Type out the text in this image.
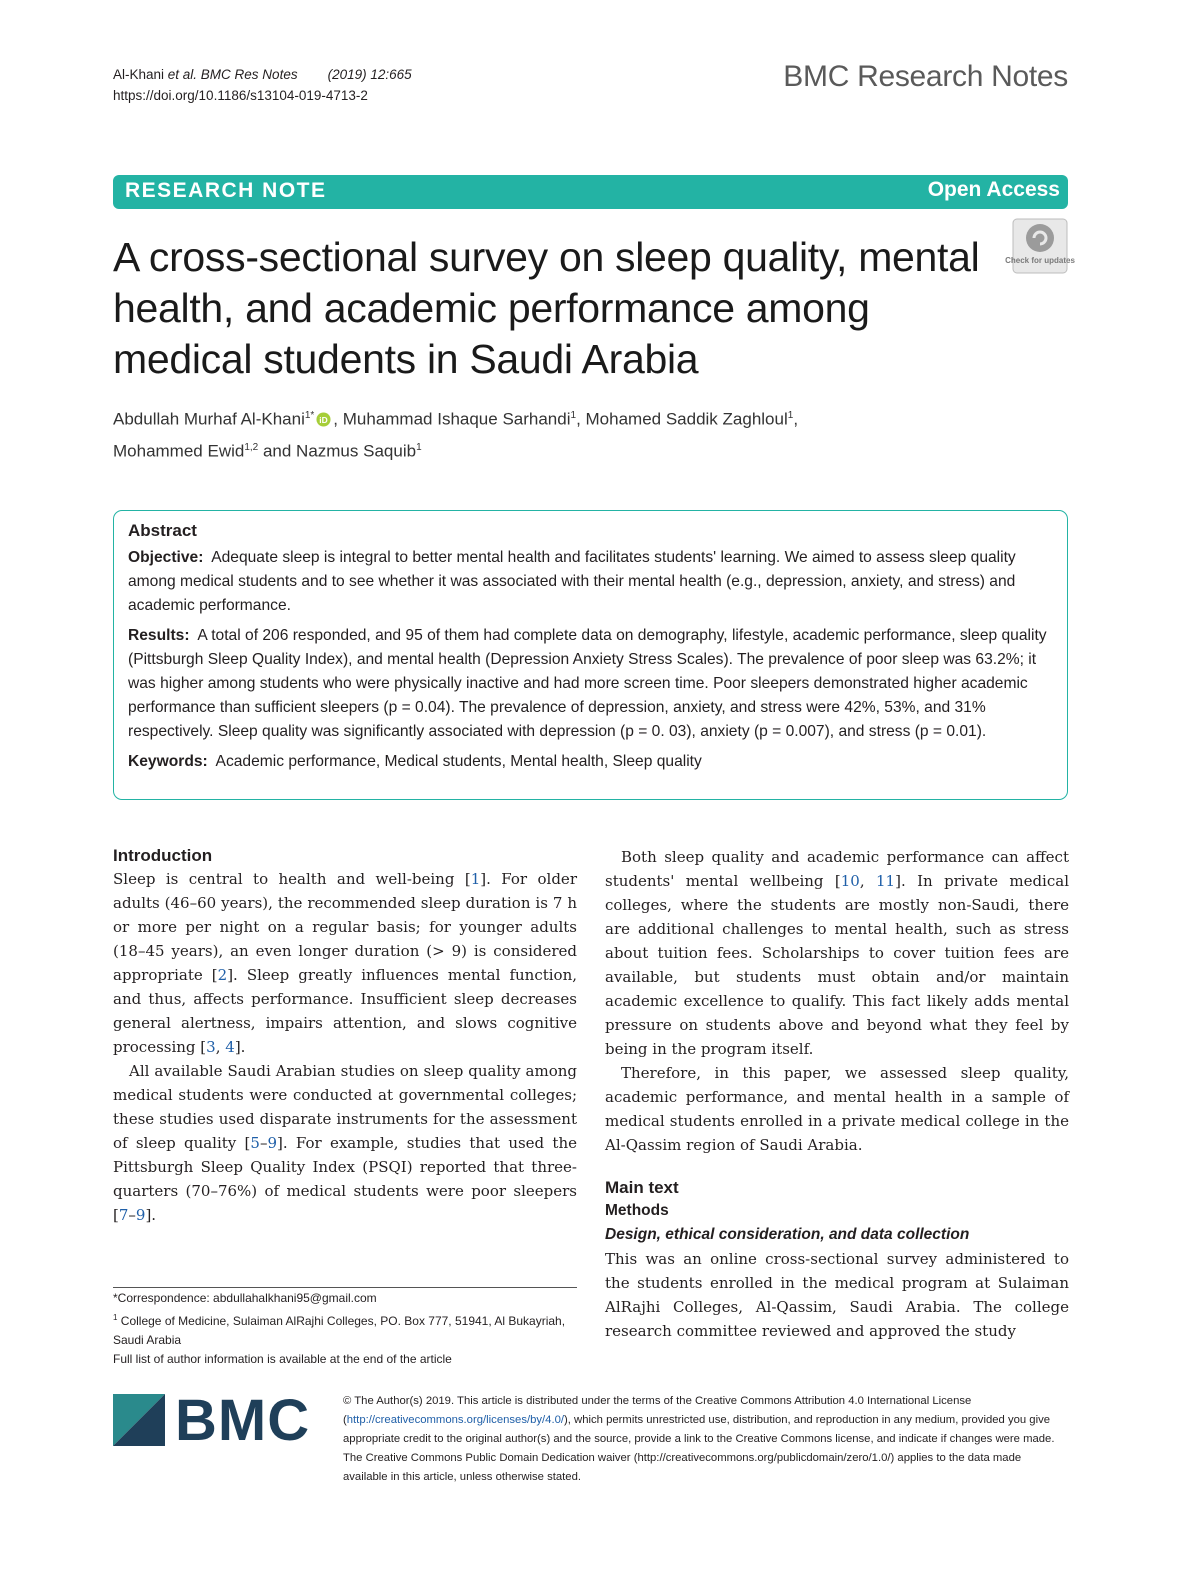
Al-Khani et al. BMC Res Notes (2019) 12:665
https://doi.org/10.1186/s13104-019-4713-2
BMC Research Notes
RESEARCH NOTE	Open Access
Check for updates
A cross-sectional survey on sleep quality, mental health, and academic performance among medical students in Saudi Arabia
Abdullah Murhaf Al-Khani$^{1*}$ iD , Muhammad Ishaque Sarhandi$^1$, Mohamed Saddik Zaghloul$^1$,
Mohammed Ewid$^{1,2}$ and Nazmus Saquib$^1$
Abstract

Objective: Adequate sleep is integral to better mental health and facilitates students' learning. We aimed to assess sleep quality among medical students and to see whether it was associated with their mental health (e.g., depression, anxiety, and stress) and academic performance.

Results: A total of 206 responded, and 95 of them had complete data on demography, lifestyle, academic performance, sleep quality (Pittsburgh Sleep Quality Index), and mental health (Depression Anxiety Stress Scales). The prevalence of poor sleep was 63.2%; it was higher among students who were physically inactive and had more screen time. Poor sleepers demonstrated higher academic performance than sufficient sleepers (p = 0.04). The prevalence of depression, anxiety, and stress were 42%, 53%, and 31% respectively. Sleep quality was significantly associated with depression (p = 0. 03), anxiety (p = 0.007), and stress (p = 0.01).

Keywords: Academic performance, Medical students, Mental health, Sleep quality

Introduction

Sleep is central to health and well-being [1]. For older adults (46–60 years), the recommended sleep duration is 7 h or more per night on a regular basis; for younger adults (18–45 years), an even longer duration (> 9) is considered appropriate [2]. Sleep greatly influences mental function, and thus, affects performance. Insufficient sleep decreases general alertness, impairs attention, and slows cognitive processing [3, 4].

All available Saudi Arabian studies on sleep quality among medical students were conducted at governmental colleges; these studies used disparate instruments for the assessment of sleep quality [5–9]. For example, studies that used the Pittsburgh Sleep Quality Index (PSQI) reported that three-quarters (70–76%) of medical students were poor sleepers [7–9].

Both sleep quality and academic performance can affect students' mental wellbeing [10, 11]. In private medical colleges, where the students are mostly non-Saudi, there are additional challenges to mental health, such as stress about tuition fees. Scholarships to cover tuition fees are available, but students must obtain and/or maintain academic excellence to qualify. This fact likely adds mental pressure on students above and beyond what they feel by being in the program itself.

Therefore, in this paper, we assessed sleep quality, academic performance, and mental health in a sample of medical students enrolled in a private medical college in the Al-Qassim region of Saudi Arabia.

Main text
Methods
Design, ethical consideration, and data collection

This was an online cross-sectional survey administered to the students enrolled in the medical program at Sulaiman AlRajhi Colleges, Al-Qassim, Saudi Arabia. The college research committee reviewed and approved the study

*Correspondence: abdullahalkhani95@gmail.com
$^1$ College of Medicine, Sulaiman AlRajhi Colleges, PO. Box 777, 51941, Al Bukayriah, Saudi Arabia
Full list of author information is available at the end of the article
BMC	© The Author(s) 2019. This article is distributed under the terms of the Creative Commons Attribution 4.0 International License (http://creativecommons.org/licenses/by/4.0/), which permits unrestricted use, distribution, and reproduction in any medium, provided you give appropriate credit to the original author(s) and the source, provide a link to the Creative Commons license, and indicate if changes were made. The Creative Commons Public Domain Dedication waiver (http://creativecommons.org/publicdomain/zero/1.0/) applies to the data made available in this article, unless otherwise stated.
